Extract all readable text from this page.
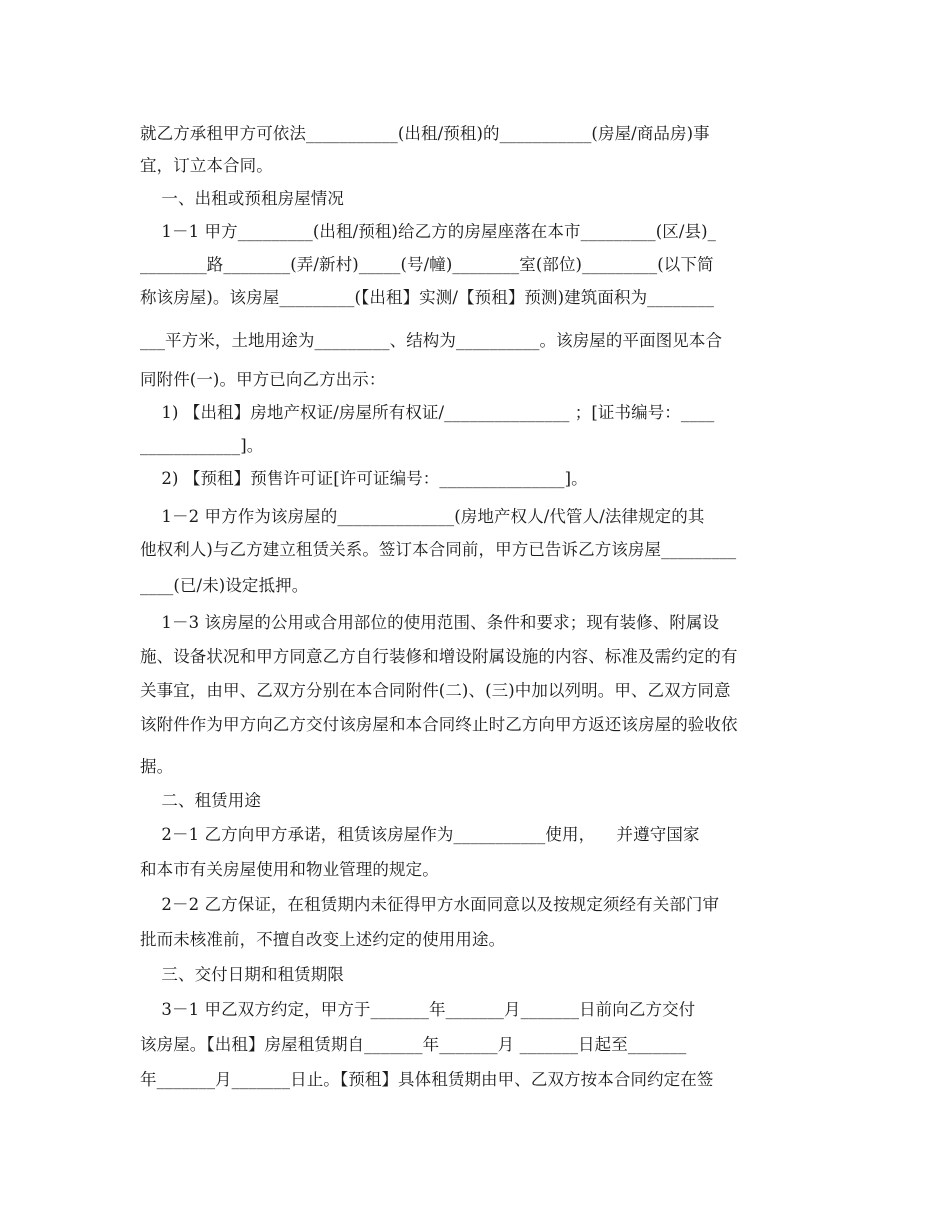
就乙方承租甲方可依法___________(出租/预租)的___________(房屋/商品房)事
宜，订立本合同。
一、出租或预租房屋情况
1－1 甲方_________(出租/预租)给乙方的房屋座落在本市_________(区/县)_
________路________(弄/新村)_____(号/幢)________室(部位)_________(以下简
称该房屋)。该房屋_________(【出租】实测/【预租】预测)建筑面积为________
___平方米，土地用途为_________、结构为__________。该房屋的平面图见本合
同附件(一)。甲方已向乙方出示：
1) 【出租】房地产权证/房屋所有权证/_______________ ；[证书编号：____
____________]。
2) 【预租】预售许可证[许可证编号：_______________]。
1－2 甲方作为该房屋的______________(房地产权人/代管人/法律规定的其
他权利人)与乙方建立租赁关系。签订本合同前，甲方已告诉乙方该房屋_________
____(已/未)设定抵押。
1－3 该房屋的公用或合用部位的使用范围、条件和要求；现有装修、附属设
施、设备状况和甲方同意乙方自行装修和增设附属设施的内容、标准及需约定的有
关事宜，由甲、乙双方分别在本合同附件(二)、(三)中加以列明。甲、乙双方同意
该附件作为甲方向乙方交付该房屋和本合同终止时乙方向甲方返还该房屋的验收依
据。
二、租赁用途
2－1 乙方向甲方承诺，租赁该房屋作为___________使用，    并遵守国家
和本市有关房屋使用和物业管理的规定。
2－2 乙方保证，在租赁期内未征得甲方水面同意以及按规定须经有关部门审
批而未核准前，不擅自改变上述约定的使用用途。
三、交付日期和租赁期限
3－1 甲乙双方约定，甲方于_______年_______月_______日前向乙方交付
该房屋。【出租】房屋租赁期自_______年_______月 _______日起至_______
年_______月_______日止。【预租】具体租赁期由甲、乙双方按本合同约定在签
